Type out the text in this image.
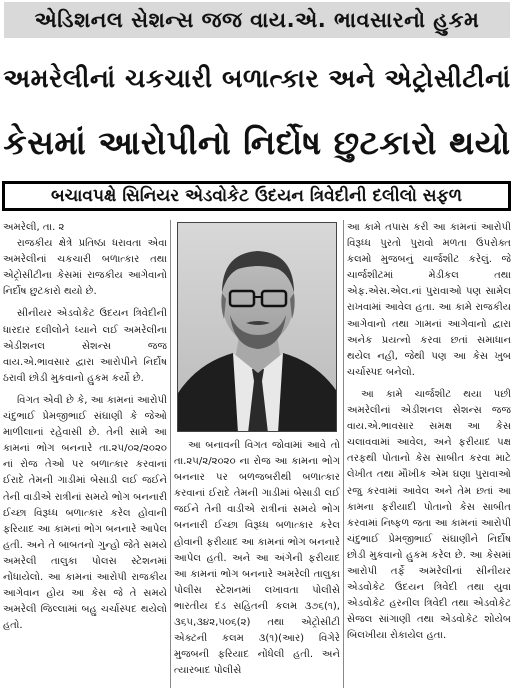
એડિશનલ સેશન્સ જજ વાય.એ. ભાવસારનો હુકમ
અમરેલીનાં ચકચારી બળાત્કાર અને એટ્રોસીટીનાં
કેસમાં આરોપીનો નિર્દોષ છુટકારો થયો
બચાવપક્ષે સિનિયર એડવોકેટ ઉદયન ત્રિવેદીની દલીલો સફળ

અમરેલી, તા. ૨

રાજકીય ક્ષેત્રે પ્રતિષ્ઠા ધરાવતા એવા અમરેલીનાં ચકચારી બળાત્કાર તથા એટ્રોસીટીના કેસમાં રાજકીય આગેવાનો નિર્દોષ છુટકારો થયો છે.

સીનીયર એડવોકેટ ઉદયન ત્રિવેદીની ધારદાર દલીલોને ધ્યાને લઈ અમરેલીના એડીશનલ સેશન્સ જજ વાય.એ.ભાવસાર દ્વારા આરોપીને નિર્દોષ ઠરાવી છોડી મુકવાનો હુકમ કર્યો છે.

વિગત એવી છે કે, આ કામનાં આરોપી ચંદુભાઈ પ્રેમજીભાઈ સંઘાણી કે જેઓ માળીલાનાં રહેવાસી છે. તેની સામે આ કામનાં ભોગ બનનારે તા.૨૫/૦૨/૨૦૨૦ નાં રોજ તેઓ પર બળાત્કાર કરવાનાં ઈરાદે તેમની ગાડીમાં બેસાડી લઈ જઈને તેની વાડીએ રાત્રીનાં સમયે ભોગ બનનારી ઈચ્છા વિરૂધ્ધ બળાત્કાર કરેલ હોવાની ફરિયાદ આ કામનાં ભોગ બનનારે આપેલ હતી. અને તે બાબતનો ગુન્હો જેતે સમયે અમરેલી તાલુકા પોલસ સ્ટેશનમાં નોંધાયેલો. આ કામનાં આરોપી રાજકીય આગેવાન હોય આ કેસ જે તે સમયે અમરેલી જિલ્લામાં બહુ ચર્ચાસ્પદ થયેલો હતો.

આ બનાવની વિગત જોવામાં આવે તો તા.૨૫/૨/૨૦૨૦ ના રોજ આ કામના ભોગ બનનાર પર બળજબરીથી બળાત્કાર કરવાનાં ઈરાદે તેમની ગાડીમાં બેસાડી લઈ જઈને તેની વાડીએ રાત્રીનાં સમયે ભોગ બનનારી ઈચ્છા વિરૂધ્ધ બળાત્કાર કરેલ હોવાની ફરીયાદ આ કામનાં ભોગ બનનારે આપેલ હતી. અને આ અંગેની ફરીયાદ આ કામનાં ભોગ બનનારે અમરેલી તાલુકા પોલીસ સ્ટેશનમાં લખાવતા પોલીસે ભારતીય દંડ સહિતની કલમ ૩૭૬(૧), ૩૬૫,૩૪૨,૫૦૬(૨) તથા એટ્રોસીટી એક્ટની કલમ ૩(૧)(આર) વિગેરે મુજબની ફરિયાદ નોંધેલી હતી. અને ત્યારબાદ પોલીસે

આ કામે તપાસ કરી આ કામનાં આરોપી વિરૂધ્ધ પુરતો પુરાવો મળતા ઉપરોક્ત કલમો મુજબનું ચાર્જશીટ કરેલું. જે ચાર્જશીટમાં મેડીકલ તથા એફ.એસ.એલ.નાં પુરાવાઓ પણ સામેલ રાખવામાં આવેલ હતા. આ કામે રાજકીય આગેવાનો તથા ગામનાં આગેવાનો દ્વારા અનેક પ્રયત્નો કરવા છતાં સમાધાન થયેલ નહી, જેથી પણ આ કેસ ખુબ ચર્ચાસ્પદ બનેલો.

આ કામે ચાર્જશીટ થયા પછી અમરેલીનાં એડીશનલ સેશન્સ જજ વાય.એ.ભાવસાર સમક્ષ આ કેસ ચલાવવામાં આવેલ, અને ફરીયાદ પક્ષ તરફથી પોતાનો કેસ સાબીત કરવા માટે લેખીત તથા મૌખીક એમ ઘણા પુરાવાઓ રજુ કરવામાં આવેલ અને તેમ છતાં આ કામના ફરીયાદી પોતાનો કેસ સાબીત કરવામાં નિષ્ફળ જતા આ કામનાં આરોપી ચંદુભાઈ પ્રેમજીભાઈ સંઘાણીને નિર્દોષ છોડી મુકવાનો હુકમ કરેલ છે. આ કેસમાં આરોપી તર્ફે અમરેલીનાં સીનીયર એડવોકેટ ઉદયન ત્રિવેદી તથા યુવા એડવોકેટ હરનીલ ત્રિવેદી તથા એડવોકેટ સેજલ સાંગાણી તથા એડવોકેટ શોયેબ બિલખીયા રોકાયેલ હતા.
